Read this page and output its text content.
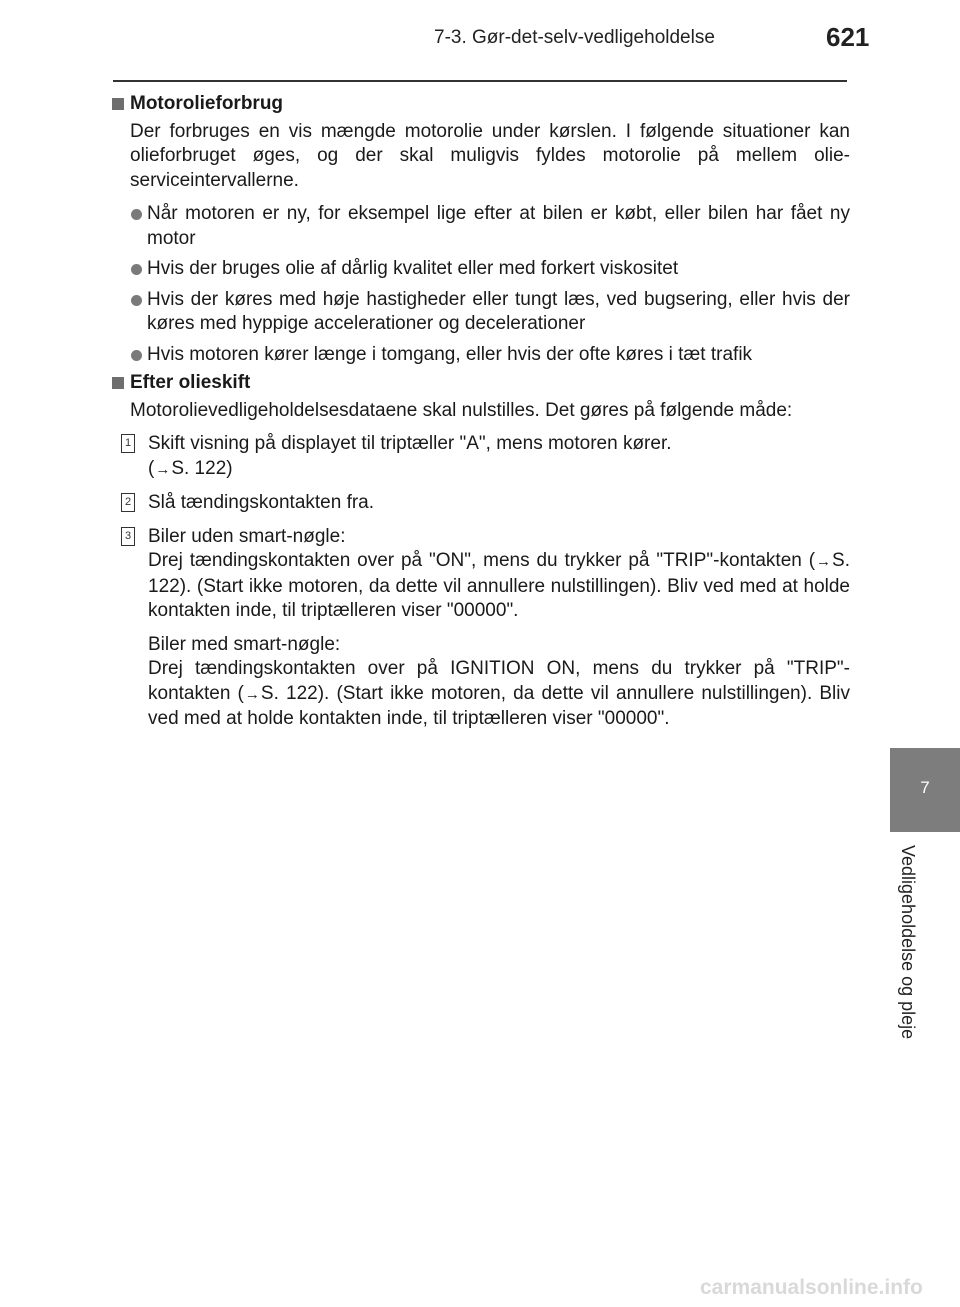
7-3. Gør-det-selv-vedligeholdelse	621
7
Vedligeholdelse og pleje
Motorolieforbrug
Der forbruges en vis mængde motorolie under kørslen. I følgende situationer kan olieforbruget øges, og der skal muligvis fyldes motorolie på mellem olieserviceintervallerne.
Når motoren er ny, for eksempel lige efter at bilen er købt, eller bilen har fået ny motor
Hvis der bruges olie af dårlig kvalitet eller med forkert viskositet
Hvis der køres med høje hastigheder eller tungt læs, ved bugsering, eller hvis der køres med hyppige accelerationer og decelerationer
Hvis motoren kører længe i tomgang, eller hvis der ofte køres i tæt trafik
Efter olieskift
Motorolievedligeholdelsesdataene skal nulstilles. Det gøres på følgende måde:
1 Skift visning på displayet til triptæller "A", mens motoren kører.
(→S. 122)
2 Slå tændingskontakten fra.
3 Biler uden smart-nøgle:
Drej tændingskontakten over på "ON", mens du trykker på "TRIP"-kontakten (→S. 122). (Start ikke motoren, da dette vil annullere nulstillingen). Bliv ved med at holde kontakten inde, til triptælleren viser "00000".
Biler med smart-nøgle:
Drej tændingskontakten over på IGNITION ON, mens du trykker på "TRIP"-kontakten (→S. 122). (Start ikke motoren, da dette vil annullere nulstillingen). Bliv ved med at holde kontakten inde, til triptælleren viser "00000".
carmanualsonline.info
